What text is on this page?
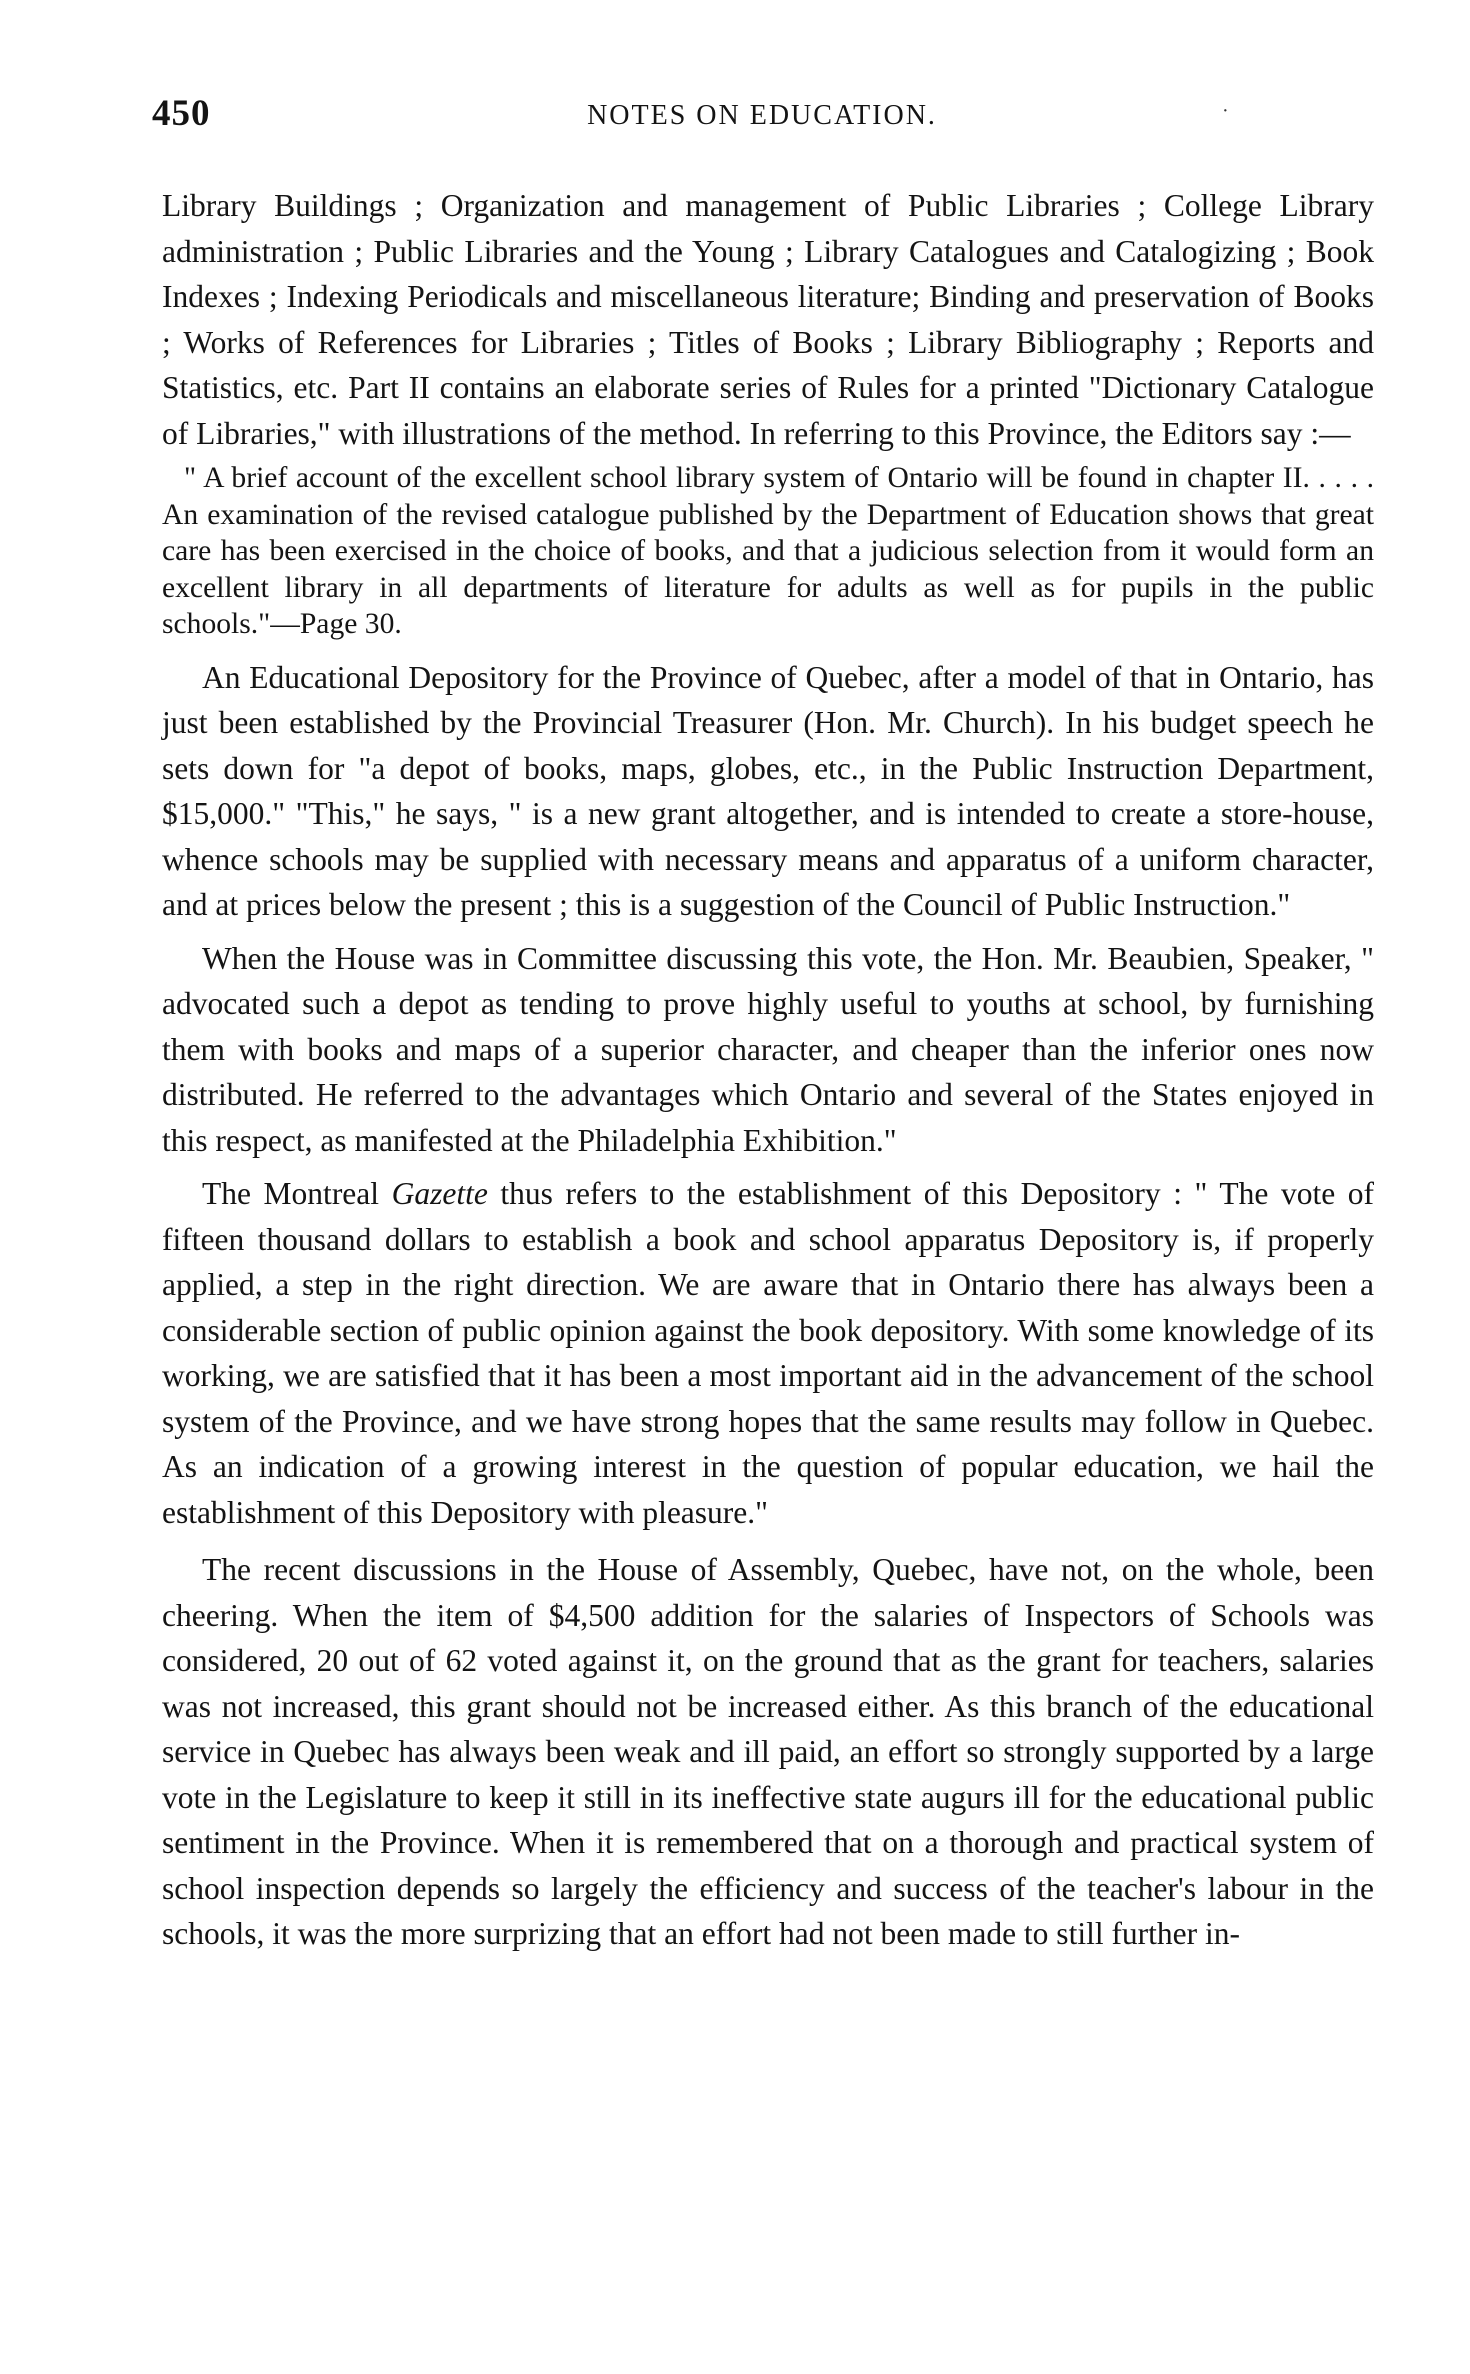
450	NOTES ON EDUCATION.	·

Library Buildings ; Organization and management of Public Libraries ; College Library administration ; Public Libraries and the Young ; Library Catalogues and Catalogizing ; Book Indexes ; Indexing Periodicals and miscellaneous literature; Binding and preservation of Books ; Works of References for Libraries ; Titles of Books ; Library Bibliography ; Reports and Statistics, etc. Part II contains an elaborate series of Rules for a printed "Dictionary Catalogue of Libraries," with illustrations of the method. In referring to this Province, the Editors say :—

" A brief account of the excellent school library system of Ontario will be found in chapter II. . . . . An examination of the revised catalogue published by the Department of Education shows that great care has been exercised in the choice of books, and that a judicious selection from it would form an excellent library in all departments of literature for adults as well as for pupils in the public schools."—Page 30.

An Educational Depository for the Province of Quebec, after a model of that in Ontario, has just been established by the Provincial Treasurer (Hon. Mr. Church). In his budget speech he sets down for "a depot of books, maps, globes, etc., in the Public Instruction Department, $15,000." "This," he says, " is a new grant altogether, and is intended to create a store-house, whence schools may be supplied with necessary means and apparatus of a uniform character, and at prices below the present ; this is a suggestion of the Council of Public Instruction."

When the House was in Committee discussing this vote, the Hon. Mr. Beaubien, Speaker, " advocated such a depot as tending to prove highly useful to youths at school, by furnishing them with books and maps of a superior character, and cheaper than the inferior ones now distributed. He referred to the advantages which Ontario and several of the States enjoyed in this respect, as manifested at the Philadelphia Exhibition."

The Montreal Gazette thus refers to the establishment of this Depository : " The vote of fifteen thousand dollars to establish a book and school apparatus Depository is, if properly applied, a step in the right direction. We are aware that in Ontario there has always been a considerable section of public opinion against the book depository. With some knowledge of its working, we are satisfied that it has been a most important aid in the advancement of the school system of the Province, and we have strong hopes that the same results may follow in Quebec. As an indication of a growing interest in the question of popular education, we hail the establishment of this Depository with pleasure."

The recent discussions in the House of Assembly, Quebec, have not, on the whole, been cheering. When the item of $4,500 addition for the salaries of Inspectors of Schools was considered, 20 out of 62 voted against it, on the ground that as the grant for teachers, salaries was not increased, this grant should not be increased either. As this branch of the educational service in Quebec has always been weak and ill paid, an effort so strongly supported by a large vote in the Legislature to keep it still in its ineffective state augurs ill for the educational public sentiment in the Province. When it is remembered that on a thorough and practical system of school inspection depends so largely the efficiency and success of the teacher's labour in the schools, it was the more surprizing that an effort had not been made to still further in-
